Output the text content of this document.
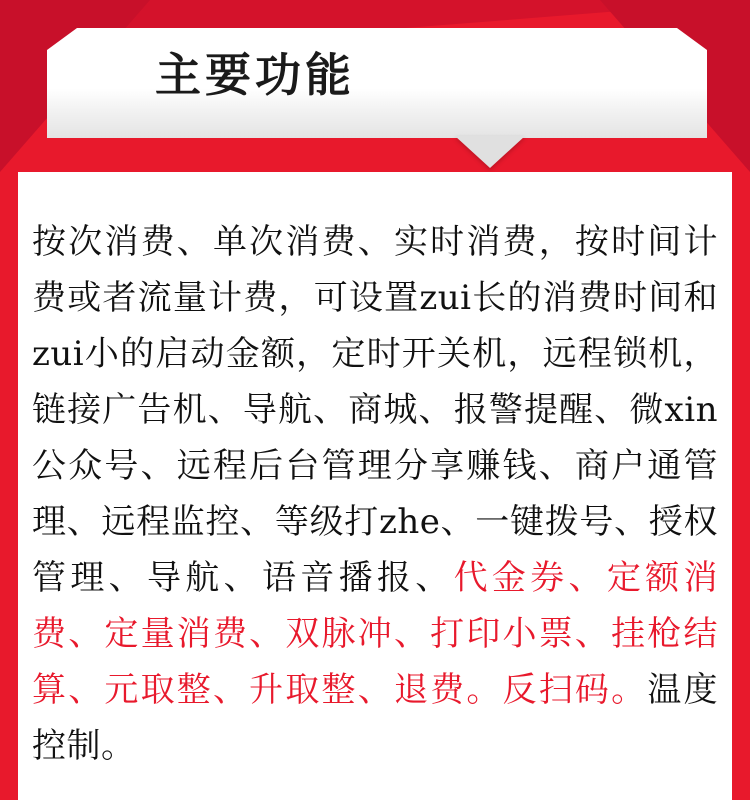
主要功能

按次消费、单次消费、实时消费，按时间计费或者流量计费，可设置zui长的消费时间和zui小的启动金额，定时开关机，远程锁机，链接广告机、导航、商城、报警提醒、微xin公众号、远程后台管理分享赚钱、商户通管理、远程监控、等级打zhe、一键拨号、授权管理、导航、语音播报、代金券、定额消费、定量消费、双脉冲、打印小票、挂枪结算、元取整、升取整、退费。反扫码。温度控制。
